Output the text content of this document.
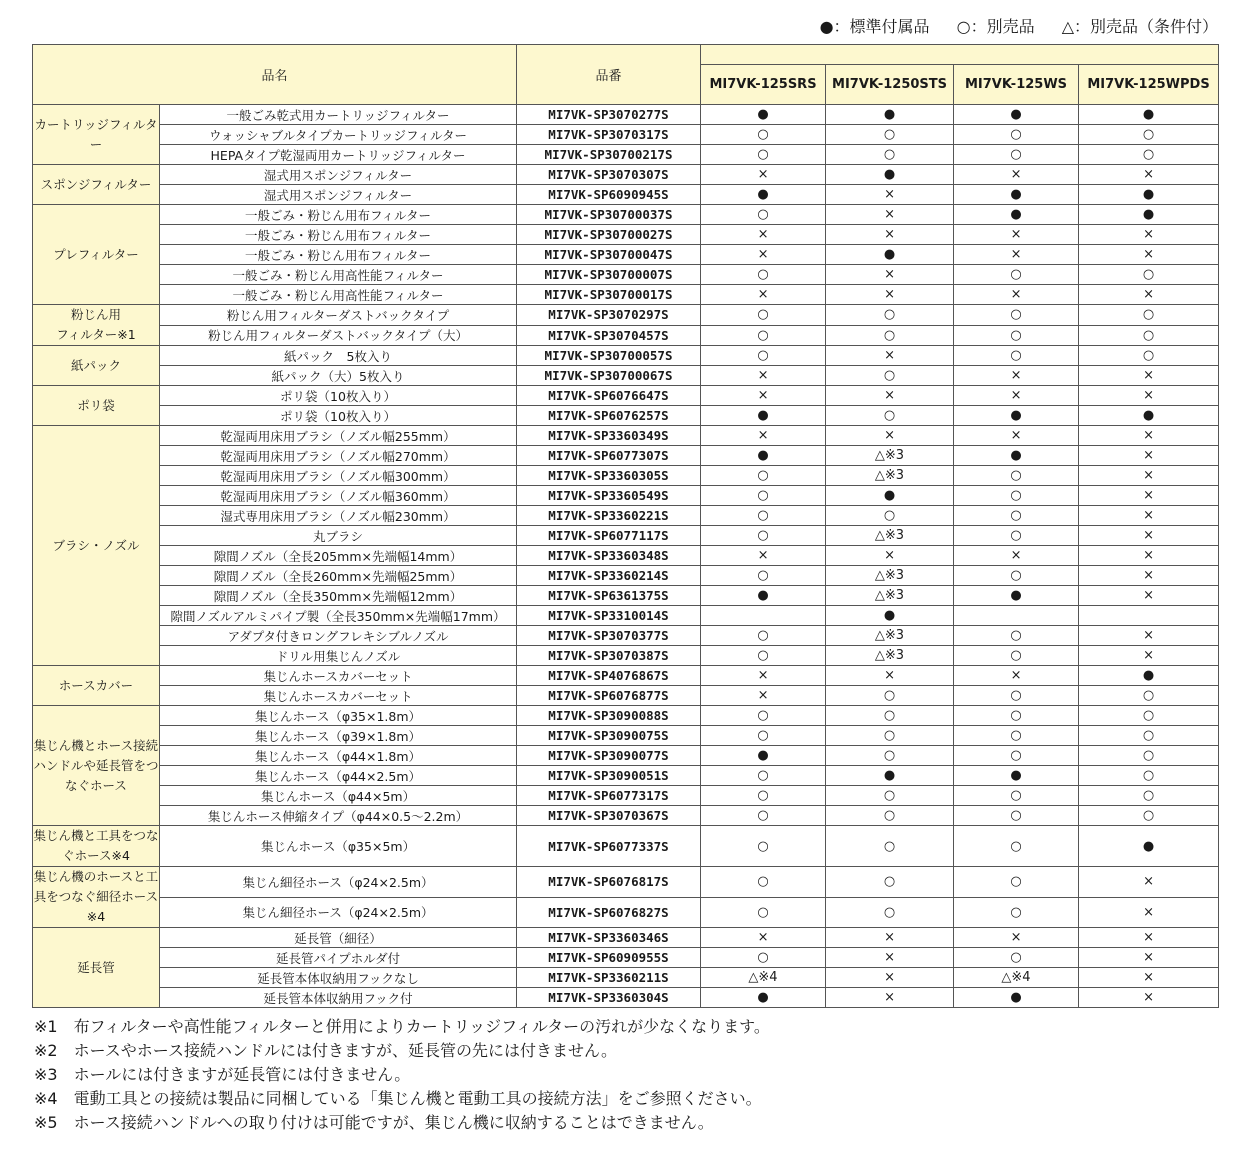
●：標準付属品 ○：別売品 △：別売品（条件付）
品名		品番				
			MI7VK-125SRS	MI7VK-1250STS	MI7VK-125WS	MI7VK-125WPDS
カートリッジフィルター	一般ごみ乾式用カートリッジフィルター	MI7VK-SP3070277S	●	●	●	●
	ウォッシャブルタイプカートリッジフィルター	MI7VK-SP3070317S	○	○	○	○
	HEPAタイプ乾湿両用カートリッジフィルター	MI7VK-SP30700217S	○	○	○	○
スポンジフィルター	湿式用スポンジフィルター	MI7VK-SP3070307S	×	●	×	×
	湿式用スポンジフィルター	MI7VK-SP6090945S	●	×	●	●
プレフィルター	一般ごみ・粉じん用布フィルター	MI7VK-SP30700037S	○	×	●	●
	一般ごみ・粉じん用布フィルター	MI7VK-SP30700027S	×	×	×	×
	一般ごみ・粉じん用布フィルター	MI7VK-SP30700047S	×	●	×	×
	一般ごみ・粉じん用高性能フィルター	MI7VK-SP30700007S	○	×	○	○
	一般ごみ・粉じん用高性能フィルター	MI7VK-SP30700017S	×	×	×	×
粉じん用
フィルター※1	粉じん用フィルターダストバックタイプ	MI7VK-SP3070297S	○	○	○	○
	粉じん用フィルターダストバックタイプ（大）	MI7VK-SP3070457S	○	○	○	○
紙パック	紙パック　5枚入り	MI7VK-SP30700057S	○	×	○	○
	紙パック（大）5枚入り	MI7VK-SP30700067S	×	○	×	×
ポリ袋	ポリ袋（10枚入り）	MI7VK-SP6076647S	×	×	×	×
	ポリ袋（10枚入り）	MI7VK-SP6076257S	●	○	●	●
ブラシ・ノズル	乾湿両用床用ブラシ（ノズル幅255mm）	MI7VK-SP3360349S	×	×	×	×
	乾湿両用床用ブラシ（ノズル幅270mm）	MI7VK-SP6077307S	●	△※3	●	×
	乾湿両用床用ブラシ（ノズル幅300mm）	MI7VK-SP3360305S	○	△※3	○	×
	乾湿両用床用ブラシ（ノズル幅360mm）	MI7VK-SP3360549S	○	●	○	×
	湿式専用床用ブラシ（ノズル幅230mm）	MI7VK-SP3360221S	○	○	○	×
	丸ブラシ	MI7VK-SP6077117S	○	△※3	○	×
	隙間ノズル（全長205mm×先端幅14mm）	MI7VK-SP3360348S	×	×	×	×
	隙間ノズル（全長260mm×先端幅25mm）	MI7VK-SP3360214S	○	△※3	○	×
	隙間ノズル（全長350mm×先端幅12mm）	MI7VK-SP6361375S	●	△※3	●	×
	隙間ノズルアルミパイプ製（全長350mm×先端幅17mm）	MI7VK-SP3310014S		●		
	アダプタ付きロングフレキシブルノズル	MI7VK-SP3070377S	○	△※3	○	×
	ドリル用集じんノズル	MI7VK-SP3070387S	○	△※3	○	×
ホースカバー	集じんホースカバーセット	MI7VK-SP4076867S	×	×	×	●
	集じんホースカバーセット	MI7VK-SP6076877S	×	○	○	○
集じん機とホース接続ハンドルや延長管をつなぐホース	集じんホース（φ35×1.8m）	MI7VK-SP3090088S	○	○	○	○
	集じんホース（φ39×1.8m）	MI7VK-SP3090075S	○	○	○	○
	集じんホース（φ44×1.8m）	MI7VK-SP3090077S	●	○	○	○
	集じんホース（φ44×2.5m）	MI7VK-SP3090051S	○	●	●	○
	集じんホース（φ44×5m）	MI7VK-SP6077317S	○	○	○	○
	集じんホース伸縮タイプ（φ44×0.5～2.2m）	MI7VK-SP3070367S	○	○	○	○
集じん機と工具をつなぐホース※4	集じんホース（φ35×5m）	MI7VK-SP6077337S	○	○	○	●
集じん機のホースと工具をつなぐ細径ホース※4	集じん細径ホース（φ24×2.5m）	MI7VK-SP6076817S	○	○	○	×
	集じん細径ホース（φ24×2.5m）	MI7VK-SP6076827S	○	○	○	×
延長管	延長管（細径）	MI7VK-SP3360346S	×	×	×	×
	延長管パイプホルダ付	MI7VK-SP6090955S	○	×	○	×
	延長管本体収納用フックなし	MI7VK-SP3360211S	△※4	×	△※4	×
	延長管本体収納用フック付	MI7VK-SP3360304S	●	×	●	×
※1　布フィルターや高性能フィルターと併用によりカートリッジフィルターの汚れが少なくなります。
※2　ホースやホース接続ハンドルには付きますが、延長管の先には付きません。
※3　ホールには付きますが延長管には付きません。
※4　電動工具との接続は製品に同梱している「集じん機と電動工具の接続方法」をご参照ください。
※5　ホース接続ハンドルへの取り付けは可能ですが、集じん機に収納することはできません。
